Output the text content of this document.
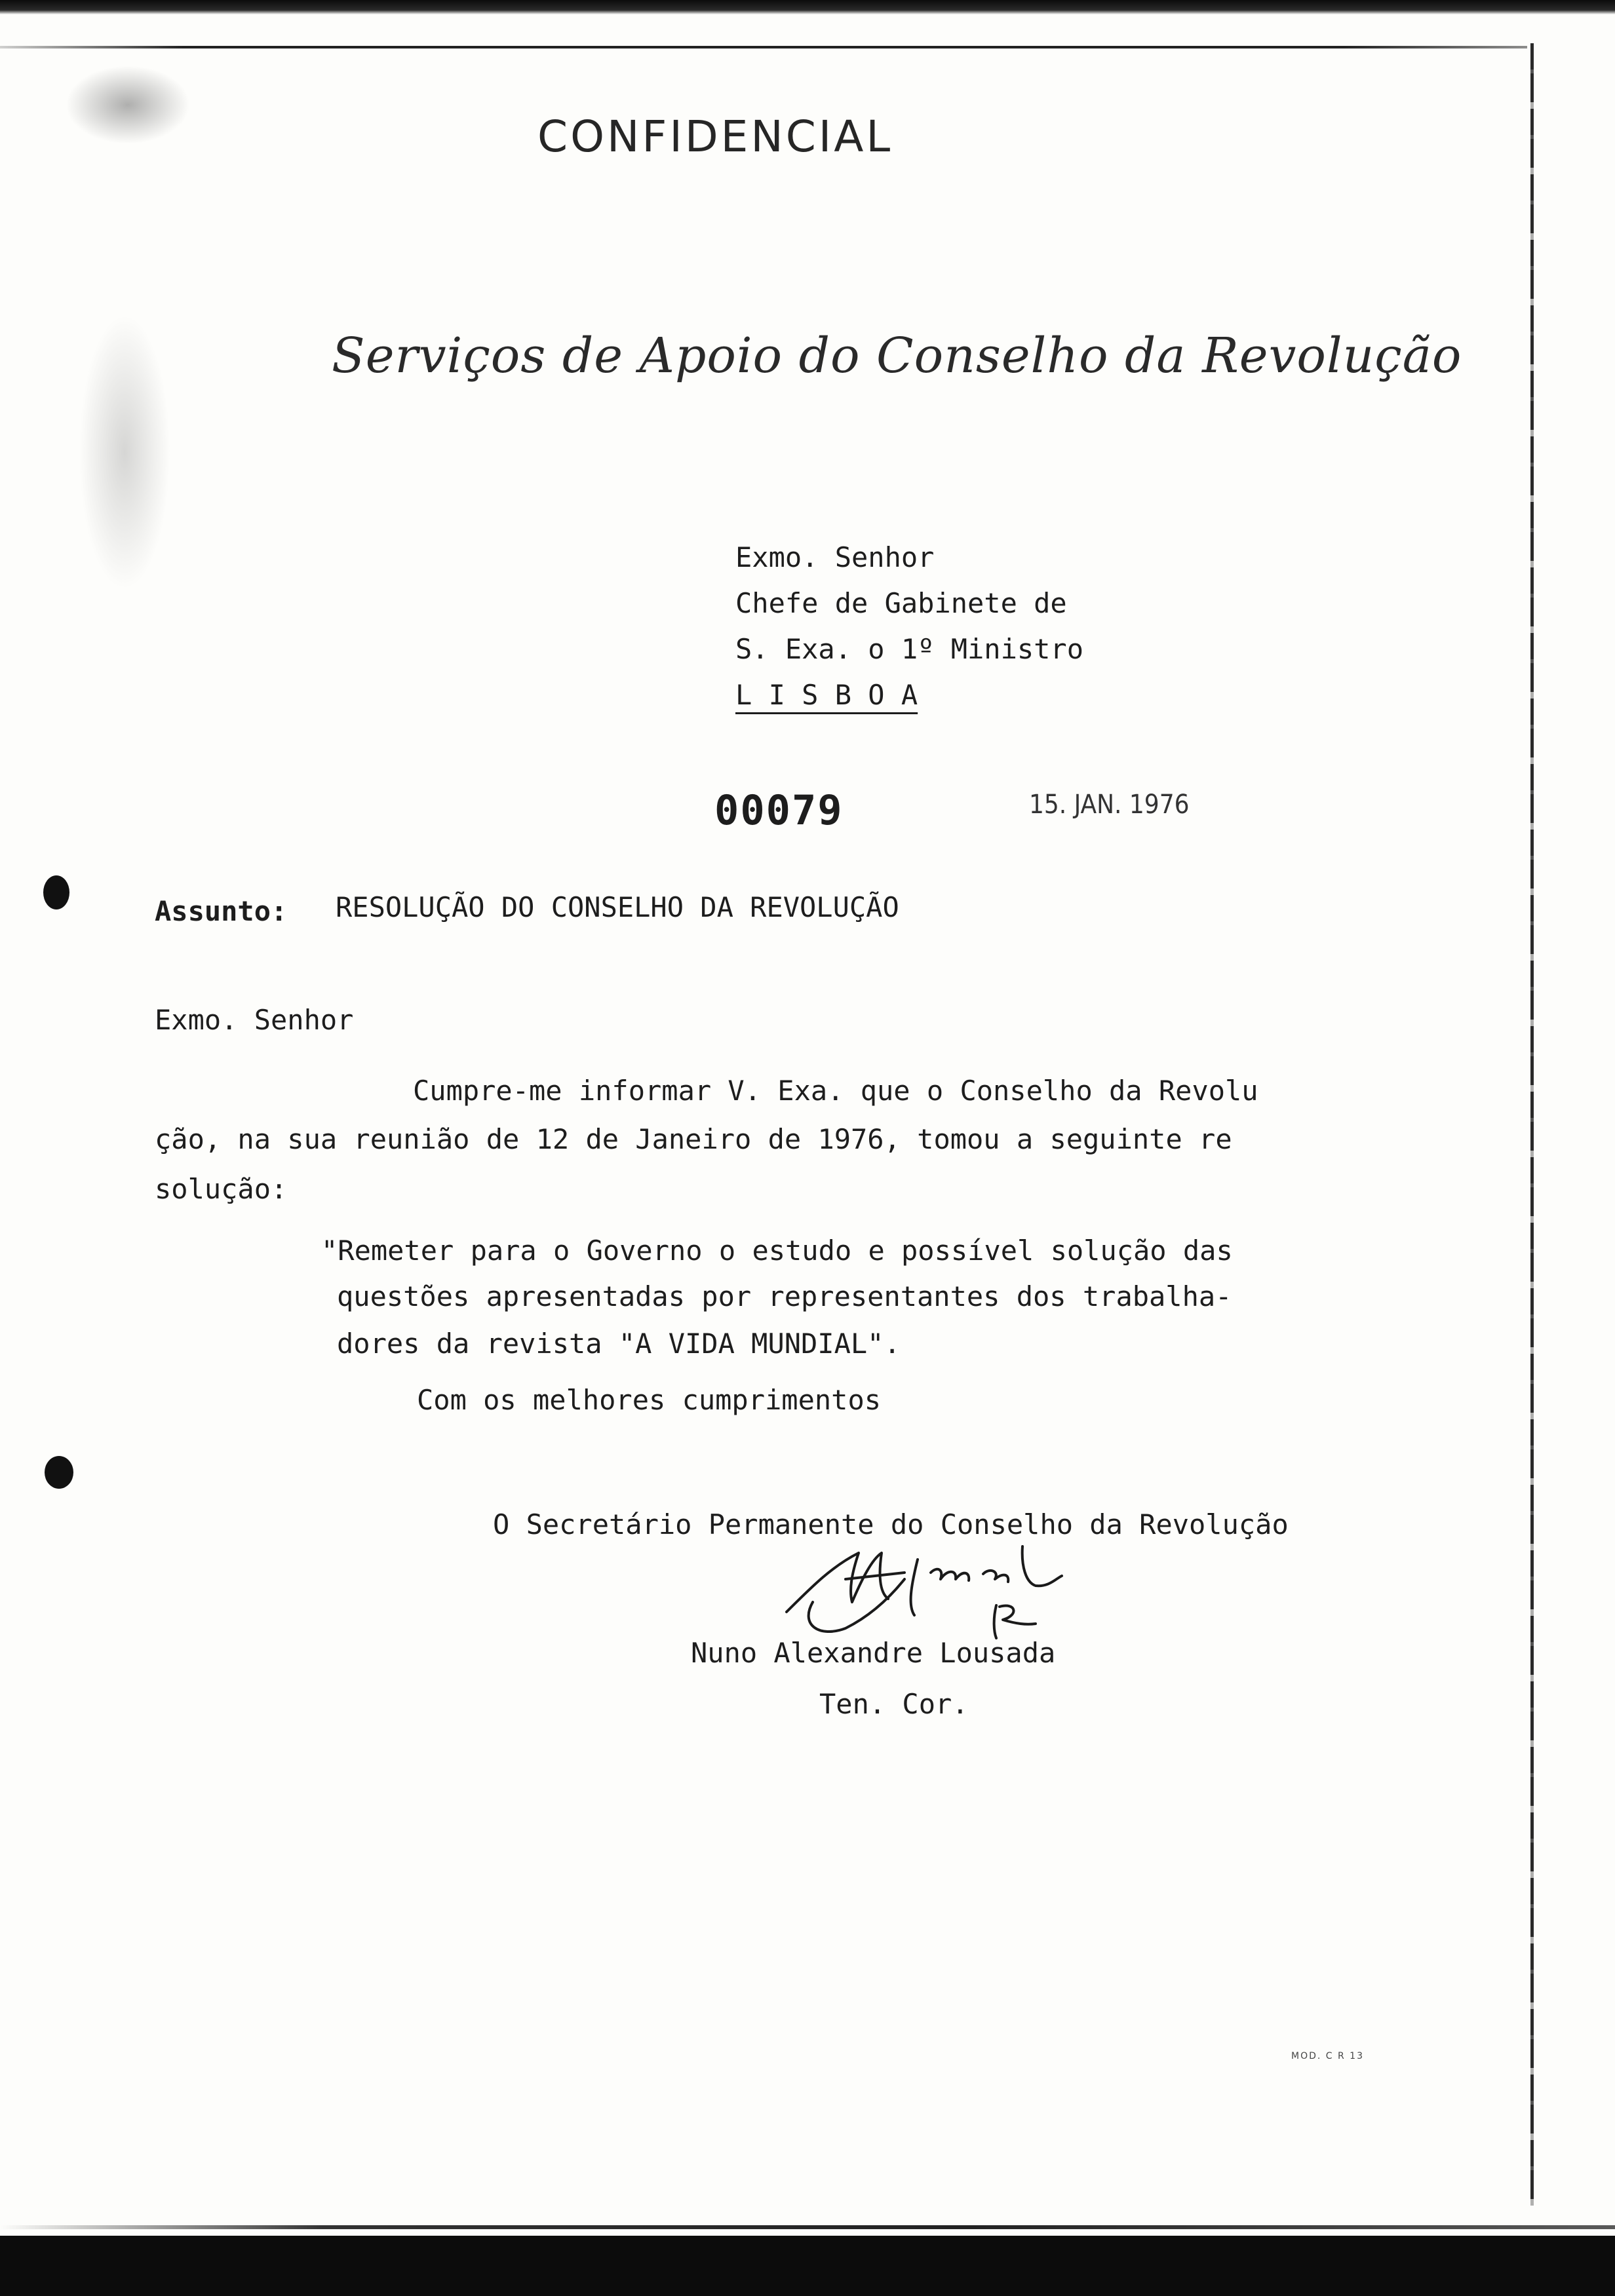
CONFIDENCIAL
Serviços de Apoio do Conselho da Revolução
Exmo. Senhor
Chefe de Gabinete de
S. Exa. o 1º Ministro
L I S B O A
00079	15. JAN. 1976
Assunto: RESOLUÇÃO DO CONSELHO DA REVOLUÇÃO
Exmo. Senhor
Cumpre-me informar V. Exa. que o Conselho da Revolu
ção, na sua reunião de 12 de Janeiro de 1976, tomou a seguinte re
solução:
"Remeter para o Governo o estudo e possível solução das
questões apresentadas por representantes dos trabalha-
dores da revista "A VIDA MUNDIAL".
Com os melhores cumprimentos
O Secretário Permanente do Conselho da Revolução
Nuno Alexandre Lousada
Ten. Cor.
MOD. C R 13
